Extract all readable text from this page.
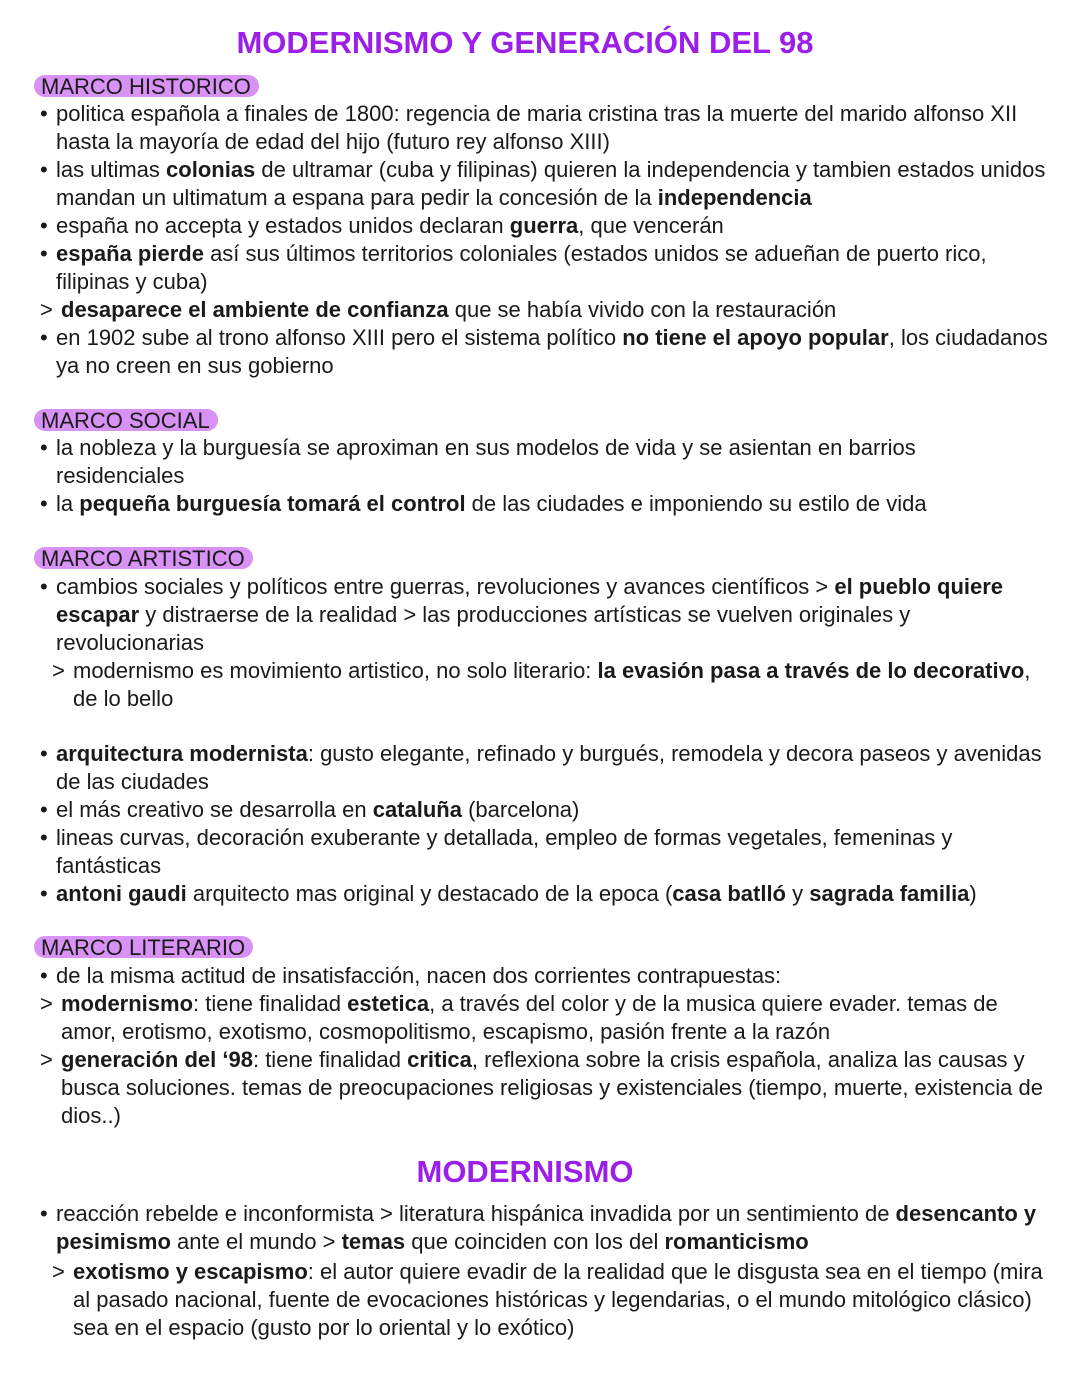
MODERNISMO Y GENERACIÓN DEL 98
MARCO HISTORICO

• politica española a finales de 1800: regencia de maria cristina tras la muerte del marido alfonso XII hasta la mayoría de edad del hijo (futuro rey alfonso XIII)

• las ultimas colonias de ultramar (cuba y filipinas) quieren la independencia y tambien estados unidos mandan un ultimatum a espana para pedir la concesión de la independencia

• españa no accepta y estados unidos declaran guerra, que vencerán

• españa pierde así sus últimos territorios coloniales (estados unidos se adueñan de puerto rico, filipinas y cuba)

> desaparece el ambiente de confianza que se había vivido con la restauración

• en 1902 sube al trono alfonso XIII pero el sistema político no tiene el apoyo popular, los ciudadanos ya no creen en sus gobierno

MARCO SOCIAL

• la nobleza y la burguesía se aproximan en sus modelos de vida y se asientan en barrios residenciales

• la pequeña burguesía tomará el control de las ciudades e imponiendo su estilo de vida

MARCO ARTISTICO

• cambios sociales y políticos entre guerras, revoluciones y avances científicos > el pueblo quiere escapar y distraerse de la realidad > las producciones artísticas se vuelven originales y revolucionarias

> modernismo es movimiento artistico, no solo literario: la evasión pasa a través de lo decorativo, de lo bello

• arquitectura modernista: gusto elegante, refinado y burgués, remodela y decora paseos y avenidas de las ciudades

• el más creativo se desarrolla en cataluña (barcelona)

• lineas curvas, decoración exuberante y detallada, empleo de formas vegetales, femeninas y fantásticas

• antoni gaudi arquitecto mas original y destacado de la epoca (casa batlló y sagrada familia)

MARCO LITERARIO

• de la misma actitud de insatisfacción, nacen dos corrientes contrapuestas:

> modernismo: tiene finalidad estetica, a través del color y de la musica quiere evader. temas de amor, erotismo, exotismo, cosmopolitismo, escapismo, pasión frente a la razón

> generación del ‘98: tiene finalidad critica, reflexiona sobre la crisis española, analiza las causas y busca soluciones. temas de preocupaciones religiosas y existenciales (tiempo, muerte, existencia de dios..)

MODERNISMO

• reacción rebelde e inconformista > literatura hispánica invadida por un sentimiento de desencanto y pesimismo ante el mundo > temas que coinciden con los del romanticismo

> exotismo y escapismo: el autor quiere evadir de la realidad que le disgusta sea en el tiempo (mira al pasado nacional, fuente de evocaciones históricas y legendarias, o el mundo mitológico clásico) sea en el espacio (gusto por lo oriental y lo exótico)
